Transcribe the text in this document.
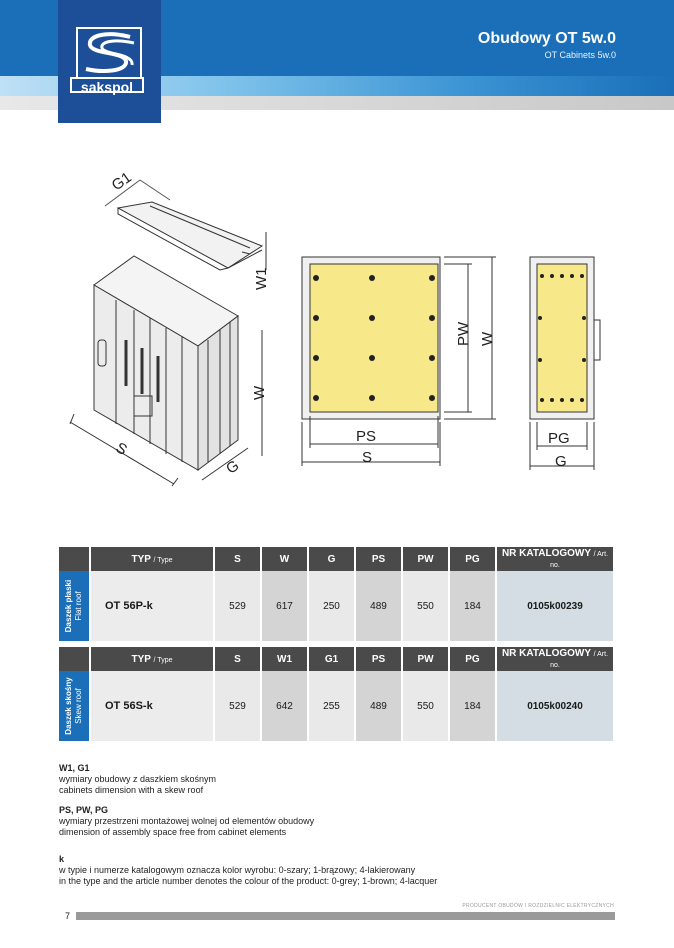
sakspol
Obudowy OT 5w.0
OT Cabinets 5w.0
G1
W1
W
S
G
PW W
PS
S
PG
G
	TYP / Type	S	W	G	PS	PW	PG	NR KATALOGOWY / Art. no.

Daszek płaski
Flat roof	OT 56P-k	529	617	250	489	550	184	0105k00239
	TYP / Type	S	W1	G1	PS	PW	PG	NR KATALOGOWY / Art. no.

Daszek skośny
Skew roof	OT 56S-k	529	642	255	489	550	184	0105k00240
W1, G1
wymiary obudowy z daszkiem skośnym
cabinets dimension with a skew roof
PS, PW, PG
wymiary przestrzeni montażowej wolnej od elementów obudowy
dimension of assembly space free from cabinet elements
k
w typie i numerze katalogowym oznacza kolor wyrobu: 0-szary; 1-brązowy; 4-lakierowany
in the type and the article number denotes the colour of the product: 0-grey; 1-brown; 4-lacquer
PRODUCENT OBUDÓW I ROZDZIELNIC ELEKTRYCZNYCH
7
